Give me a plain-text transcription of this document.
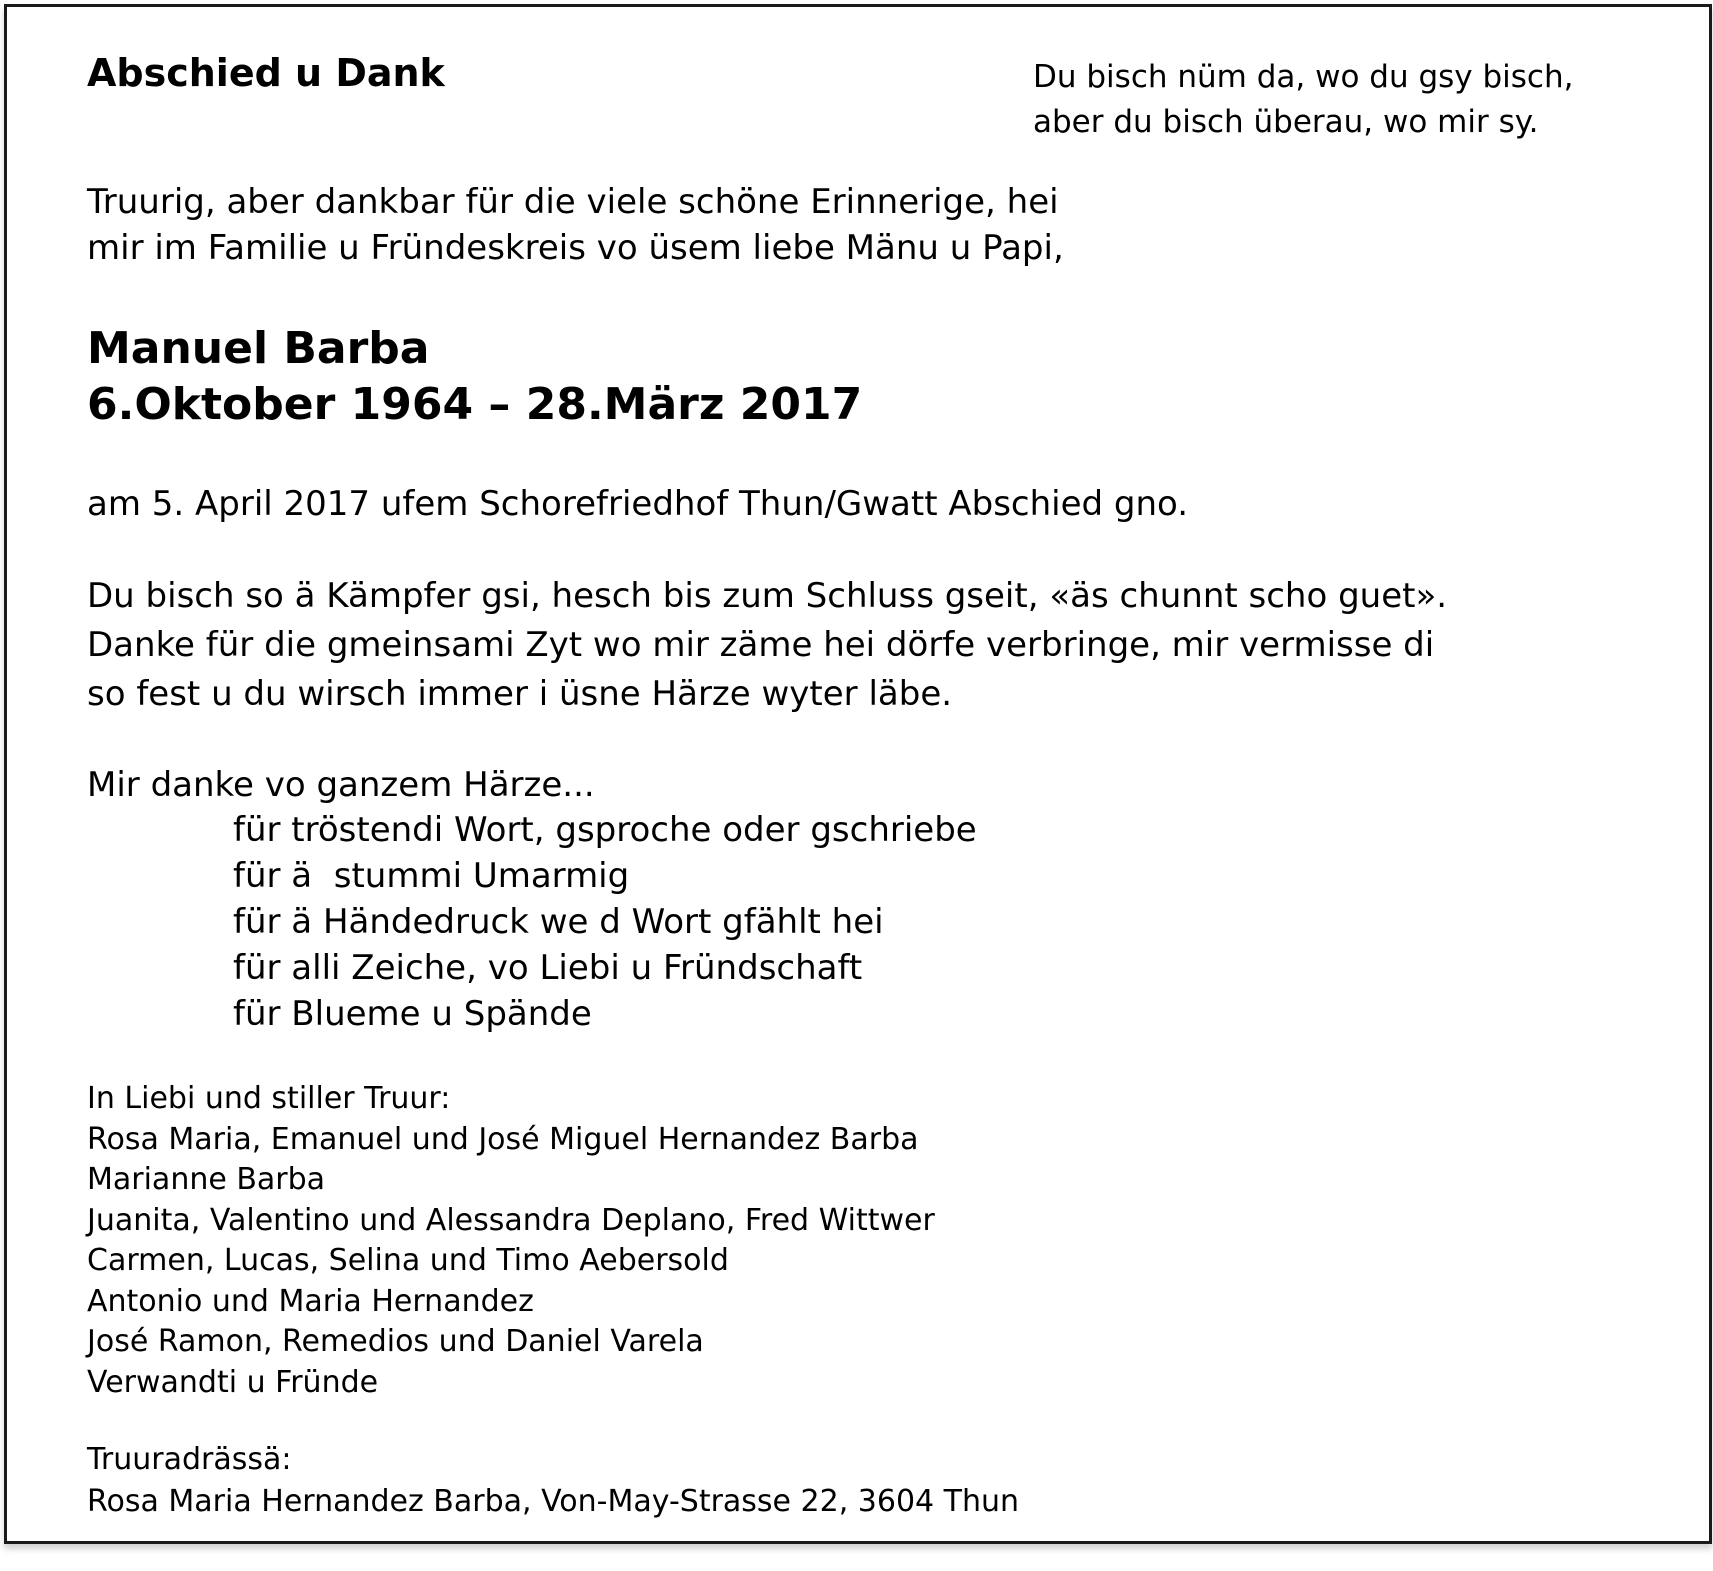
Abschied u Dank	Du bisch nüm da, wo du gsy bisch,
aber du bisch überau, wo mir sy.
Truurig, aber dankbar für die viele schöne Erinnerige, hei
mir im Familie u Fründeskreis vo üsem liebe Mänu u Papi,
Manuel Barba
6.Oktober 1964 – 28.März 2017
am 5. April 2017 ufem Schorefriedhof Thun/Gwatt Abschied gno.
Du bisch so ä Kämpfer gsi, hesch bis zum Schluss gseit, «äs chunnt scho guet».
Danke für die gmeinsami Zyt wo mir zäme hei dörfe verbringe, mir vermisse di
so fest u du wirsch immer i üsne Härze wyter läbe.
Mir danke vo ganzem Härze...
für tröstendi Wort, gsproche oder gschriebe
für ä  stummi Umarmig
für ä Händedruck we d Wort gfählt hei
für alli Zeiche, vo Liebi u Fründschaft
für Blueme u Spände
In Liebi und stiller Truur:
Rosa Maria, Emanuel und José Miguel Hernandez Barba
Marianne Barba
Juanita, Valentino und Alessandra Deplano, Fred Wittwer
Carmen, Lucas, Selina und Timo Aebersold
Antonio und Maria Hernandez
José Ramon, Remedios und Daniel Varela
Verwandti u Fründe
Truuradrässä:
Rosa Maria Hernandez Barba, Von-May-Strasse 22, 3604 Thun
